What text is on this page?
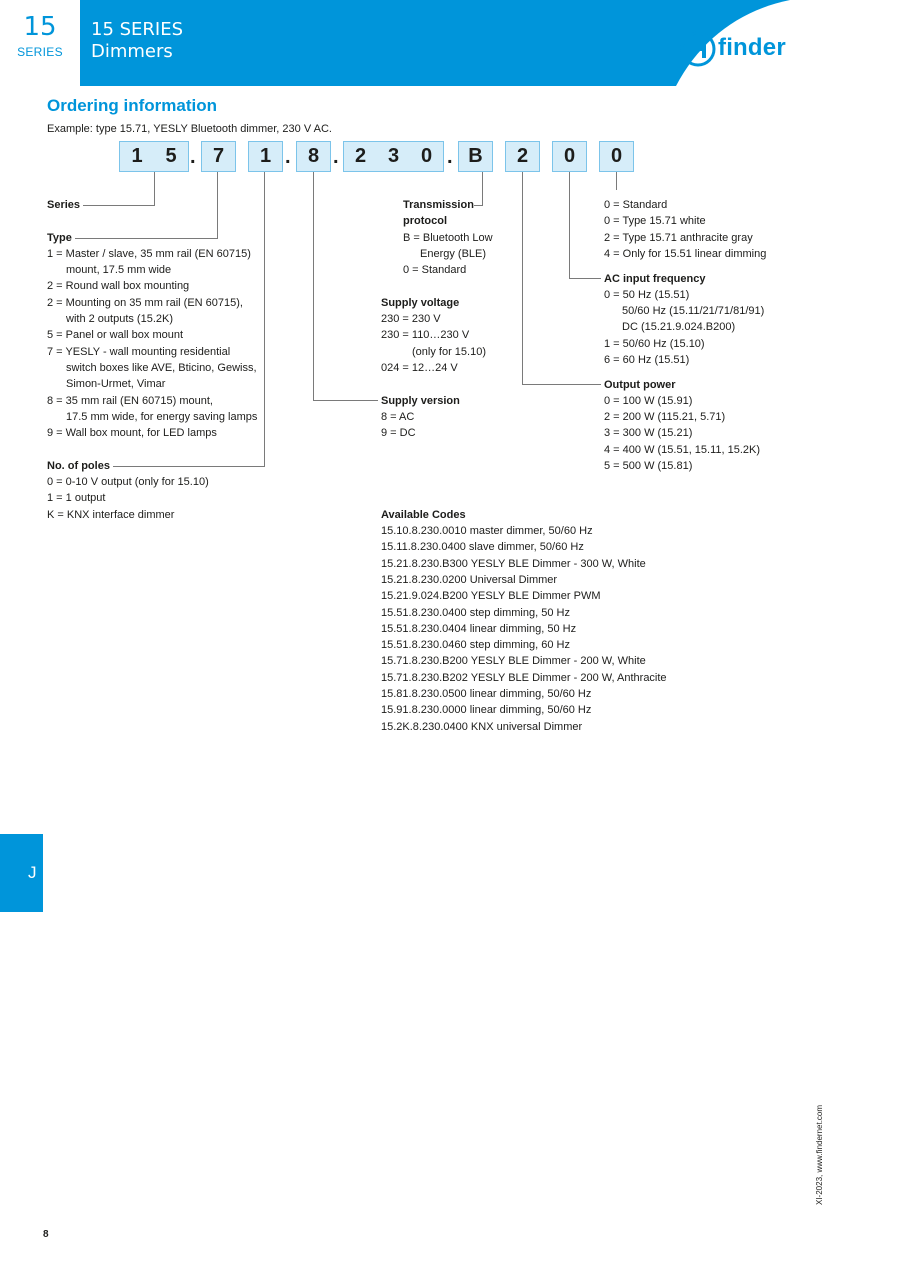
15
SERIES
15 SERIES
Dimmers	finder
Ordering information
Example: type 15.71, YESLY Bluetooth dimmer, 230 V AC.
1 5 . 7 1 . 8 . 2 3 0 . B 2 0 0
Series
Type
1 = Master / slave, 35 mm rail (EN 60715)
mount, 17.5 mm wide
2 = Round wall box mounting
2 = Mounting on 35 mm rail (EN 60715),
with 2 outputs (15.2K)
5 = Panel or wall box mount
7 = YESLY - wall mounting residential
switch boxes like AVE, Bticino, Gewiss,
Simon-Urmet, Vimar
8 = 35 mm rail (EN 60715) mount,
17.5 mm wide, for energy saving lamps
9 = Wall box mount, for LED lamps
No. of poles
0 = 0-10 V output (only for 15.10)
1 = 1 output
K = KNX interface dimmer
Transmission
protocol
B = Bluetooth Low
Energy (BLE)
0 = Standard
Supply voltage
230 = 230 V
230 = 110…230 V
(only for 15.10)
024 = 12…24 V
Supply version
8 = AC
9 = DC
0 = Standard
0 = Type 15.71 white
2 = Type 15.71 anthracite gray
4 = Only for 15.51 linear dimming
AC input frequency
0 = 50 Hz (15.51)
50/60 Hz (15.11/21/71/81/91)
DC (15.21.9.024.B200)
1 = 50/60 Hz (15.10)
6 = 60 Hz (15.51)
Output power
0 = 100 W (15.91)
2 = 200 W (115.21, 5.71)
3 = 300 W (15.21)
4 = 400 W (15.51, 15.11, 15.2K)
5 = 500 W (15.81)
Available Codes
15.10.8.230.0010 master dimmer, 50/60 Hz
15.11.8.230.0400 slave dimmer, 50/60 Hz
15.21.8.230.B300 YESLY BLE Dimmer - 300 W, White
15.21.8.230.0200 Universal Dimmer
15.21.9.024.B200 YESLY BLE Dimmer PWM
15.51.8.230.0400 step dimming, 50 Hz
15.51.8.230.0404 linear dimming, 50 Hz
15.51.8.230.0460 step dimming, 60 Hz
15.71.8.230.B200 YESLY BLE Dimmer - 200 W, White
15.71.8.230.B202 YESLY BLE Dimmer - 200 W, Anthracite
15.81.8.230.0500 linear dimming, 50/60 Hz
15.91.8.230.0000 linear dimming, 50/60 Hz
15.2K.8.230.0400 KNX universal Dimmer
J
XI-2023, www.findernet.com
8
